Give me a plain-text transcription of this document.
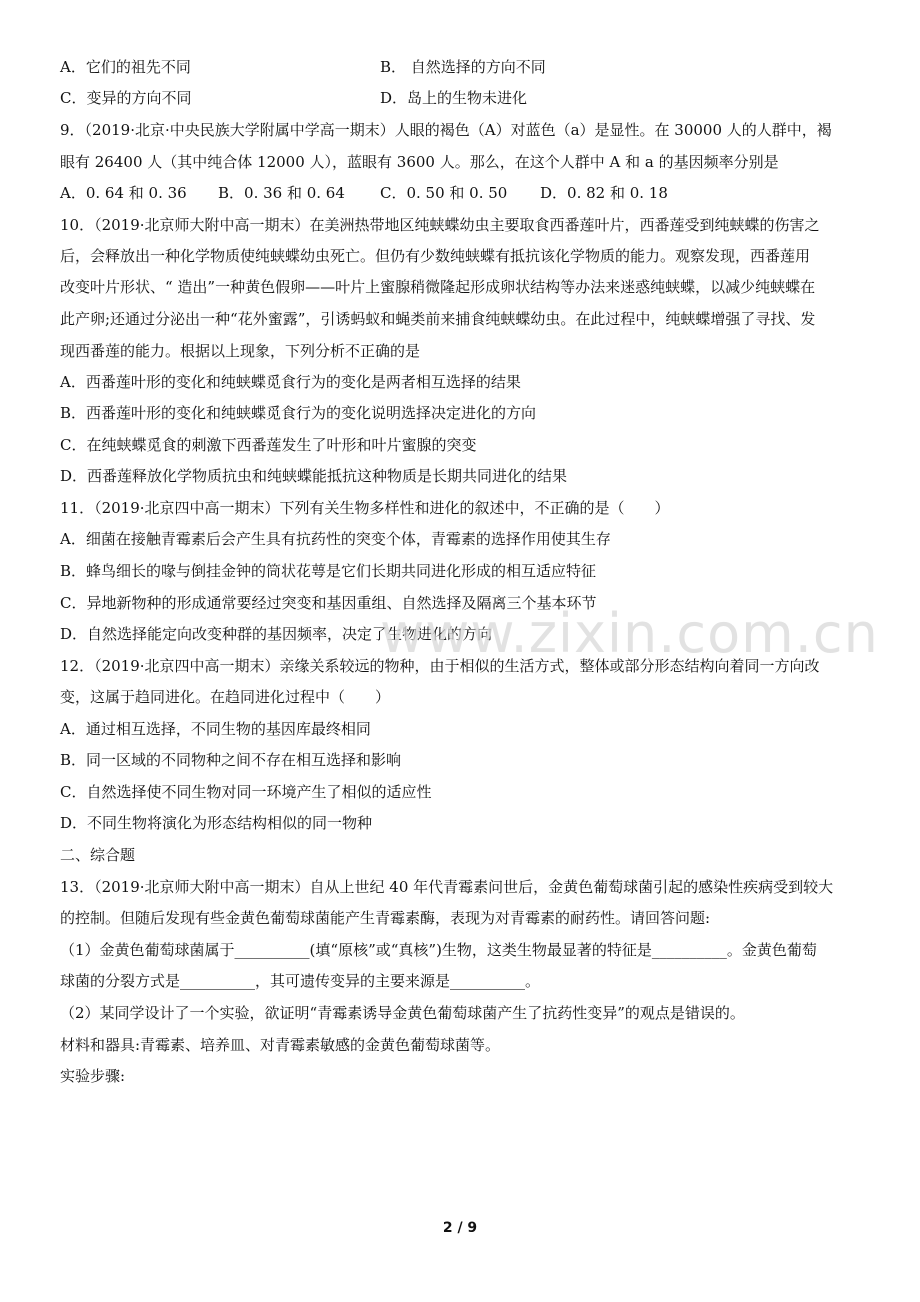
A．它们的祖先不同	B． 自然选择的方向不同
C．变异的方向不同	D．岛上的生物未进化
9．（2019·北京·中央民族大学附属中学高一期末）人眼的褐色（A）对蓝色（a）是显性。在 30000 人的人群中，褐
眼有 26400 人（其中纯合体 12000 人），蓝眼有 3600 人。那么，在这个人群中 A 和 a 的基因频率分别是
A．0. 64 和 0. 36 B．0. 36 和 0. 64 C．0. 50 和 0. 50 D．0. 82 和 0. 18
10．（2019·北京师大附中高一期末）在美洲热带地区纯蛱蝶幼虫主要取食西番莲叶片，西番莲受到纯蛱蝶的伤害之
后，会释放出一种化学物质使纯蛱蝶幼虫死亡。但仍有少数纯蛱蝶有抵抗该化学物质的能力。观察发现，西番莲用
改变叶片形状、“ 造出”一种黄色假卵——叶片上蜜腺稍微隆起形成卵状结构等办法来迷惑纯蛱蝶，以减少纯蛱蝶在
此产卵;还通过分泌出一种“花外蜜露”，引诱蚂蚁和蝇类前来捕食纯蛱蝶幼虫。在此过程中，纯蛱蝶增强了寻找、发
现西番莲的能力。根据以上现象，下列分析不正确的是
A．西番莲叶形的变化和纯蛱蝶觅食行为的变化是两者相互选择的结果
B．西番莲叶形的变化和纯蛱蝶觅食行为的变化说明选择决定进化的方向
C．在纯蛱蝶觅食的刺激下西番莲发生了叶形和叶片蜜腺的突变
D．西番莲释放化学物质抗虫和纯蛱蝶能抵抗这种物质是长期共同进化的结果
11．（2019·北京四中高一期末）下列有关生物多样性和进化的叙述中，不正确的是（　　）
A．细菌在接触青霉素后会产生具有抗药性的突变个体，青霉素的选择作用使其生存
B．蜂鸟细长的喙与倒挂金钟的筒状花萼是它们长期共同进化形成的相互适应特征
C．异地新物种的形成通常要经过突变和基因重组、自然选择及隔离三个基本环节
D．自然选择能定向改变种群的基因频率，决定了生物进化的方向
12．（2019·北京四中高一期末）亲缘关系较远的物种，由于相似的生活方式，整体或部分形态结构向着同一方向改
变，这属于趋同进化。在趋同进化过程中（　　）
A．通过相互选择，不同生物的基因库最终相同
B．同一区域的不同物种之间不存在相互选择和影响
C．自然选择使不同生物对同一环境产生了相似的适应性
D．不同生物将演化为形态结构相似的同一物种
二、综合题
13．（2019·北京师大附中高一期末）自从上世纪 40 年代青霉素问世后，金黄色葡萄球菌引起的感染性疾病受到较大
的控制。但随后发现有些金黄色葡萄球菌能产生青霉素酶，表现为对青霉素的耐药性。请回答问题:
（1）金黄色葡萄球菌属于__________(填“原核”或“真核”)生物，这类生物最显著的特征是__________。金黄色葡萄
球菌的分裂方式是__________，其可遗传变异的主要来源是__________。
（2）某同学设计了一个实验，欲证明“青霉素诱导金黄色葡萄球菌产生了抗药性变异”的观点是错误的。
材料和器具:青霉素、培养皿、对青霉素敏感的金黄色葡萄球菌等。
实验步骤:
www.zixin.com.cn
2 / 9
